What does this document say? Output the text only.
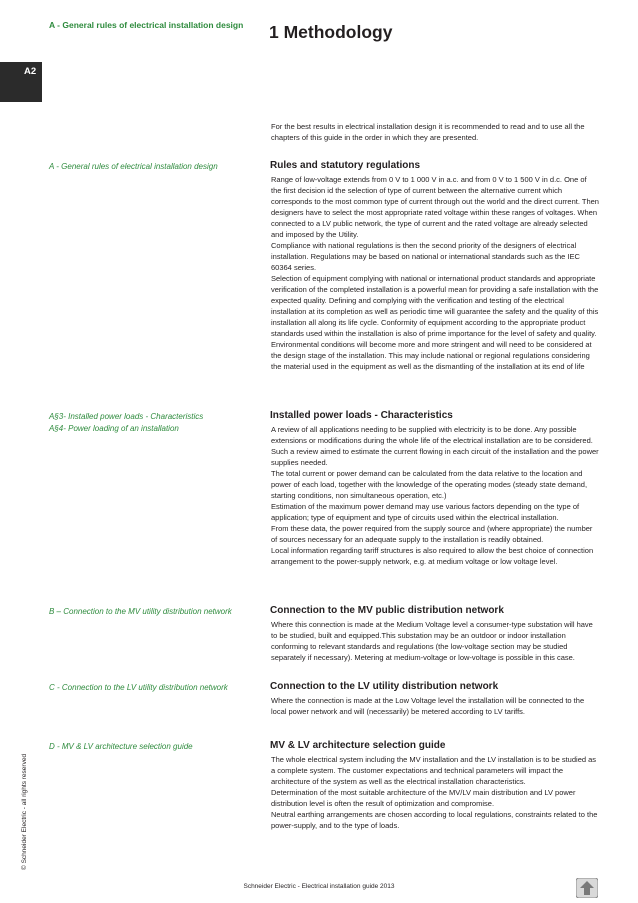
A - General rules of electrical installation design 1 Methodology
A2
© Schneider Electric - all rights reserved
For the best results in electrical installation design it is recommended to read and to use all the chapters of this guide in the order in which they are presented.
A - General rules of electrical installation design	Rules and statutory regulations

Range of low-voltage extends from 0 V to 1 000 V in a.c. and from 0 V to 1 500 V in d.c. One of the first decision id the selection of type of current between the alternative current which corresponds to the most common type of current through out the world and the direct current. Then designers have to select the most appropriate rated voltage within these ranges of voltages. When connected to a LV public network, the type of current and the rated voltage are already selected and imposed by the Utility.

Compliance with national regulations is then the second priority of the designers of electrical installation. Regulations may be based on national or international standards such as the IEC 60364 series.

Selection of equipment complying with national or international product standards and appropriate verification of the completed installation is a powerful mean for providing a safe installation with the expected quality. Defining and complying with the verification and testing of the electrical installation at its completion as well as periodic time will guarantee the safety and the quality of this installation all along its life cycle. Conformity of equipment according to the appropriate product standards used within the installation is also of prime importance for the level of safety and quality.

Environmental conditions will become more and more stringent and will need to be considered at the design stage of the installation. This may include national or regional regulations considering the material used in the equipment as well as the dismantling of the installation at its end of life

A§3- Installed power loads - Characteristics
A§4- Power loading of an installation
Installed power loads - Characteristics

A review of all applications needing to be supplied with electricity is to be done. Any possible extensions or modifications during the whole life of the electrical installation are to be considered. Such a review aimed to estimate the current flowing in each circuit of the installation and the power supplies needed.

The total current or power demand can be calculated from the data relative to the location and power of each load, together with the knowledge of the operating modes (steady state demand, starting conditions, non simultaneous operation, etc.)

Estimation of the maximum power demand may use various factors depending on the type of application; type of equipment and type of circuits used within the electrical installation.

From these data, the power required from the supply source and (where appropriate) the number of sources necessary for an adequate supply to the installation is readily obtained.

Local information regarding tariff structures is also required to allow the best choice of connection arrangement to the power-supply network, e.g. at medium voltage or low voltage level.

B – Connection to the MV utility distribution network	Connection to the MV public distribution network

Where this connection is made at the Medium Voltage level a consumer-type substation will have to be studied, built and equipped.This substation may be an outdoor or indoor installation conforming to relevant standards and regulations (the low-voltage section may be studied separately if necessary). Metering at medium-voltage or low-voltage is possible in this case.

C - Connection to the LV utility distribution network	Connection to the LV utility distribution network

Where the connection is made at the Low Voltage level the installation will be connected to the local power network and will (necessarily) be metered according to LV tariffs.

D - MV & LV architecture selection guide	MV & LV architecture selection guide

The whole electrical system including the MV installation and the LV installation is to be studied as a complete system. The customer expectations and technical parameters will impact the architecture of the system as well as the electrical installation characteristics.

Determination of the most suitable architecture of the MV/LV main distribution and LV power distribution level is often the result of optimization and compromise.

Neutral earthing arrangements are chosen according to local regulations, constraints related to the power-supply, and to the type of loads.

Schneider Electric - Electrical installation guide 2013
